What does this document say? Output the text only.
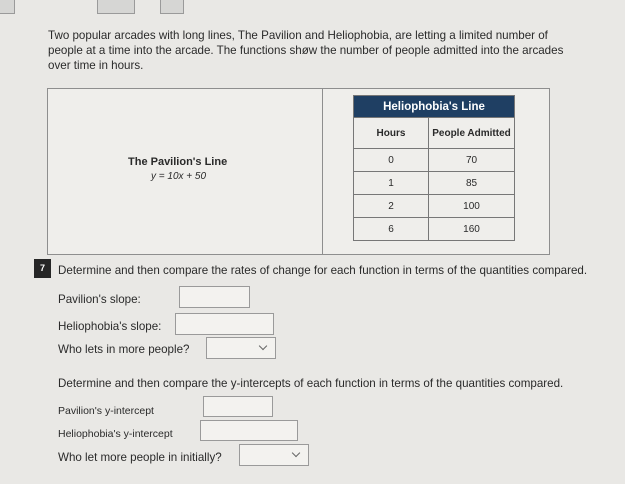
Two popular arcades with long lines, The Pavilion and Heliophobia, are letting a limited number of people at a time into the arcade. The functions shøw the number of people admitted into the arcades over time in hours.
The Pavilion's Line
y = 10x + 50
Heliophobia's Line	
Hours	People Admitted
0	70
1	85
2	100
6	160
7	Determine and then compare the rates of change for each function in terms of the quantities compared.
Pavilion's slope:
Heliophobia's slope:
Who lets in more people?
Determine and then compare the y-intercepts of each function in terms of the quantities compared.
Pavilion's y-intercept
Heliophobia's y-intercept
Who let more people in initially?
